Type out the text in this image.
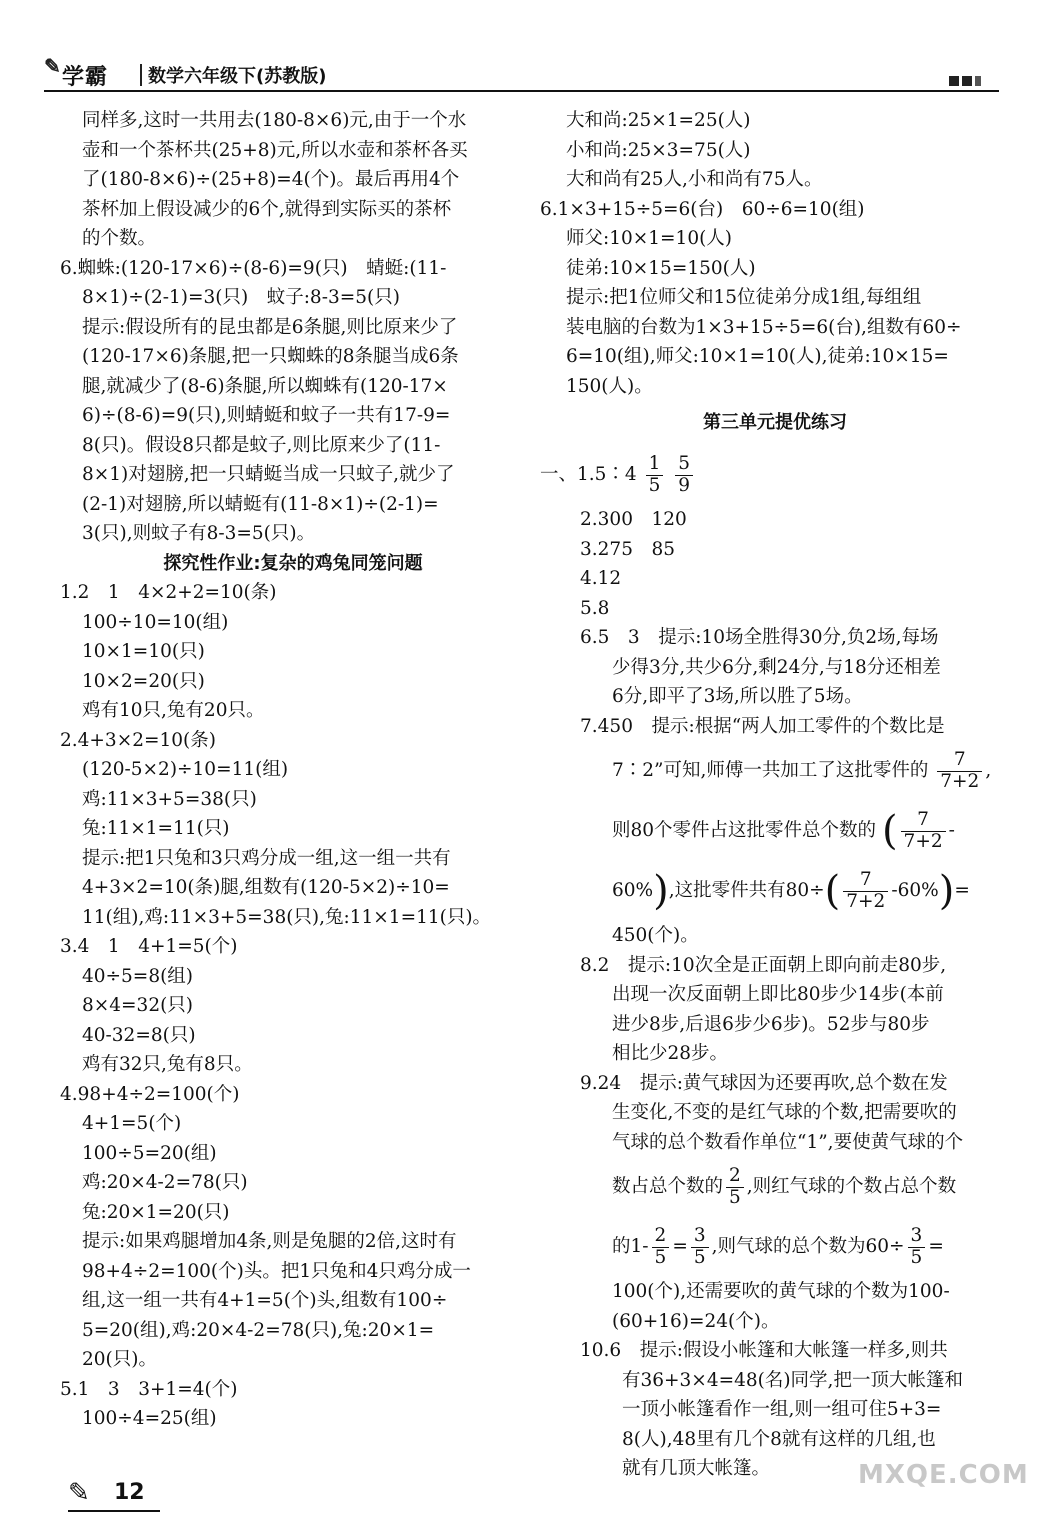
✎ 学霸 数学六年级下(苏教版)
同样多,这时一共用去(180-8×6)元,由于一个水
壶和一个茶杯共(25+8)元,所以水壶和茶杯各买
了(180-8×6)÷(25+8)=4(个)。最后再用4个
茶杯加上假设减少的6个,就得到实际买的茶杯
的个数。
6.蜘蛛:(120-17×6)÷(8-6)=9(只)　蜻蜓:(11-
8×1)÷(2-1)=3(只)　蚊子:8-3=5(只)
提示:假设所有的昆虫都是6条腿,则比原来少了
(120-17×6)条腿,把一只蜘蛛的8条腿当成6条
腿,就减少了(8-6)条腿,所以蜘蛛有(120-17×
6)÷(8-6)=9(只),则蜻蜓和蚊子一共有17-9=
8(只)。假设8只都是蚊子,则比原来少了(11-
8×1)对翅膀,把一只蜻蜓当成一只蚊子,就少了
(2-1)对翅膀,所以蜻蜓有(11-8×1)÷(2-1)=
3(只),则蚊子有8-3=5(只)。
探究性作业:复杂的鸡兔同笼问题
1.2　1　4×2+2=10(条)
100÷10=10(组)
10×1=10(只)
10×2=20(只)
鸡有10只,兔有20只。
2.4+3×2=10(条)
(120-5×2)÷10=11(组)
鸡:11×3+5=38(只)
兔:11×1=11(只)
提示:把1只兔和3只鸡分成一组,这一组一共有
4+3×2=10(条)腿,组数有(120-5×2)÷10=
11(组),鸡:11×3+5=38(只),兔:11×1=11(只)。
3.4　1　4+1=5(个)
40÷5=8(组)
8×4=32(只)
40-32=8(只)
鸡有32只,兔有8只。
4.98+4÷2=100(个)
4+1=5(个)
100÷5=20(组)
鸡:20×4-2=78(只)
兔:20×1=20(只)
提示:如果鸡腿增加4条,则是兔腿的2倍,这时有
98+4÷2=100(个)头。把1只兔和4只鸡分成一
组,这一组一共有4+1=5(个)头,组数有100÷
5=20(组),鸡:20×4-2=78(只),兔:20×1=
20(只)。
5.1　3　3+1=4(个)
100÷4=25(组)
大和尚:25×1=25(人)
小和尚:25×3=75(人)
大和尚有25人,小和尚有75人。
6.1×3+15÷5=6(台)　60÷6=10(组)
师父:10×1=10(人)
徒弟:10×15=150(人)
提示:把1位师父和15位徒弟分成1组,每组组
装电脑的台数为1×3+15÷5=6(台),组数有60÷
6=10(组),师父:10×1=10(人),徒弟:10×15=
150(人)。
第三单元提优练习
一、1.5∶4 $\frac{1}{5}$
$\frac{5}{9}$
2.300　120
3.275　85
4.12
5.8
6.5　3　提示:10场全胜得30分,负2场,每场
少得3分,共少6分,剩24分,与18分还相差
6分,即平了3场,所以胜了5场。
7.450　提示:根据“两人加工零件的个数比是
7∶2”可知,师傅一共加工了这批零件的 $\frac{7}{7+2}$ ,
则80个零件占这批零件总个数的 ( $\frac{7}{7+2}$ -
60%),这批零件共有$80\div( \frac{7}{7+2} -60\%)=$
450(个)。
8.2　提示:10次全是正面朝上即向前走80步,
出现一次反面朝上即比80步少14步(本前
进少8步,后退6步少6步)。52步与80步
相比少28步。
9.24　提示:黄气球因为还要再吹,总个数在发
生变化,不变的是红气球的个数,把需要吹的
气球的总个数看作单位“1”,要使黄气球的个
数占总个数的 $\frac{2}{5}$ ,则红气球的个数占总个数
的$1- \frac{2}{5} = \frac{3}{5}$ ,则气球的总个数为$60\div \frac{3}{5}$ =
100(个),还需要吹的黄气球的个数为100-
(60+16)=24(个)。
10.6　提示:假设小帐篷和大帐篷一样多,则共
有36+3×4=48(名)同学,把一顶大帐篷和
一顶小帐篷看作一组,则一组可住5+3=
8(人),48里有几个8就有这样的几组,也
就有几顶大帐篷。
✎ 12
MXQE.COM
